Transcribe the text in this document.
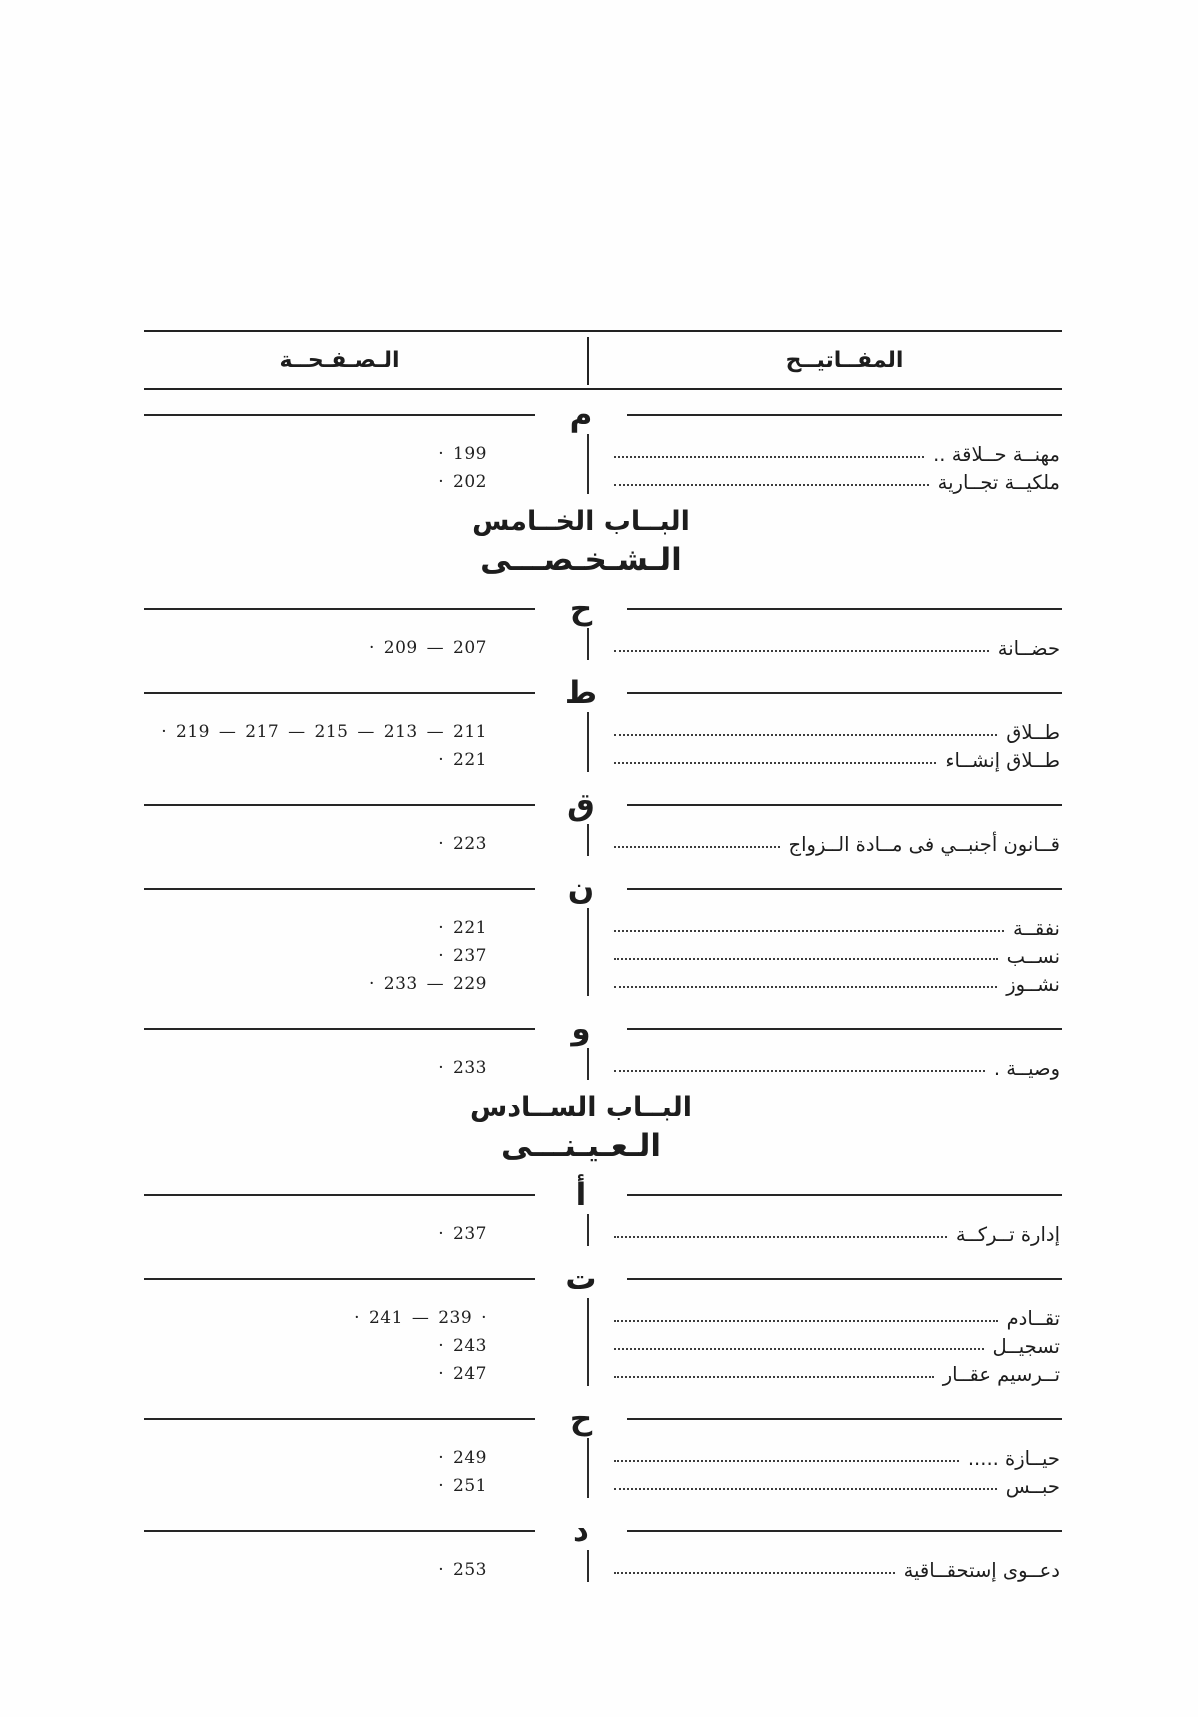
الـصـفـحــة	المفــاتيــح
م
· 199	مهنــة حــلاقة ..
· 202	ملكيــة تجــارية
البــاب الخــامس
الـشـخـصـــى
ح
· 209 — 207	حضــانة
ط
· 219 — 217 — 215 — 213 — 211	طــلاق
· 221	طــلاق إنشــاء
ق
· 223	قــانون أجنبــي فى مــادة الــزواج
ن
· 221	نفقــة
· 237	نســب
· 233 — 229	نشــوز
و
· 233	وصيــة .
البــاب الســادس
الـعـيـنـــى
أ
· 237	إدارة تــركــة
ت
· 241 — 239 ·	تقــادم
· 243	تسجيــل
· 247	تــرسيم عقــار
ح
· 249	حيــازة .....
· 251	حبــس
د
· 253	دعــوى إستحقــاقية
